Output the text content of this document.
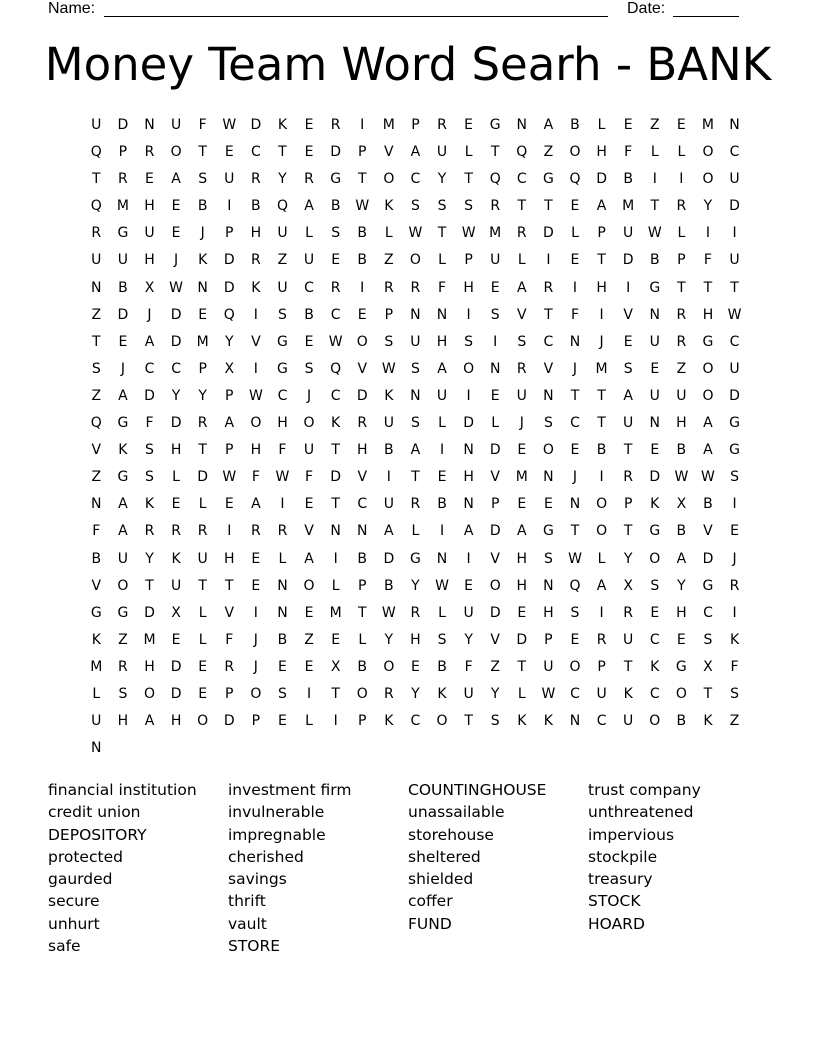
Name:	Date:
Money Team Word Searh - BANK
U	D	N	U	F	W	D	K	E	R	I	M	P	R	E	G	N	A	B	L	E	Z	E	M	N
Q	P	R	O	T	E	C	T	E	D	P	V	A	U	L	T	Q	Z	O	H	F	L	L	O	C
T	R	E	A	S	U	R	Y	R	G	T	O	C	Y	T	Q	C	G	Q	D	B	I	I	O	U
Q	M	H	E	B	I	B	Q	A	B	W	K	S	S	S	R	T	T	E	A	M	T	R	Y	D
R	G	U	E	J	P	H	U	L	S	B	L	W	T	W M	R	D	L	P	U	W	L	I	I
U	U	H	J	K	D	R	Z	U	E	B	Z	O	L	P	U	L	I	E	T	D	B	P	F	U
N	B	X	W	N	D	K	U	C	R	I	R	R	F	H	E	A	R	I	H	I	G	T	T	T
Z	D	J	D	E	Q	I	S	B	C	E	P	N	N	I	S	V	T	F	I	V	N	R	H	W
T	E	A	D	M	Y	V	G	E	W	O	S	U	H	S	I	S	C	N	J	E	U	R	G	C
S	J	C	C	P	X	I	G	S	Q	V	W	S	A	O	N	R	V	J	M	S	E	Z	O	U
Z	A	D	Y	Y	P	W	C	J	C	D	K	N	U	I	E	U	N	T	T	A	U	U	O	D
Q	G	F	D	R	A	O	H	O	K	R	U	S	L	D	L	J	S	C	T	U	N	H	A	G
V	K	S	H	T	P	H	F	U	T	H	B	A	I	N	D	E	O	E	B	T	E	B	A	G
Z	G	S	L	D	W	F	W	F	D	V	I	T	E	H	V	M	N	J	I	R	D	W W	S
N	A	K	E	L	E	A	I	E	T	C	U	R	B	N	P	E	E	N	O	P	K	X	B	I
F	A	R	R	R	I	R	R	V	N	N	A	L	I	A	D	A	G	T	O	T	G	B	V	E
B	U	Y	K	U	H	E	L	A	I	B	D	G	N	I	V	H	S	W	L	Y	O	A	D	J
V	O	T	U	T	T	E	N	O	L	P	B	Y	W	E	O	H	N	Q	A	X	S	Y	G	R
G	G	D	X	L	V	I	N	E	M	T	W	R	L	U	D	E	H	S	I	R	E	H	C	I
K	Z	M	E	L	F	J	B	Z	E	L	Y	H	S	Y	V	D	P	E	R	U	C	E	S	K
M	R	H	D	E	R	J	E	E	X	B	O	E	B	F	Z	T	U	O	P	T	K	G	X	F
L	S	O	D	E	P	O	S	I	T	O	R	Y	K	U	Y	L	W	C	U	K	C	O	T	S
U	H	A	H	O	D	P	E	L	I	P	K	C	O	T	S	K	K	N	C	U	O	B	K	Z
N
financial institution
credit union
DEPOSITORY
protected
gaurded
secure
unhurt
safe
investment firm
invulnerable
impregnable
cherished
savings
thrift
vault
STORE
COUNTINGHOUSE
unassailable
storehouse
sheltered
shielded
coffer
FUND
trust company
unthreatened
impervious
stockpile
treasury
STOCK
HOARD
